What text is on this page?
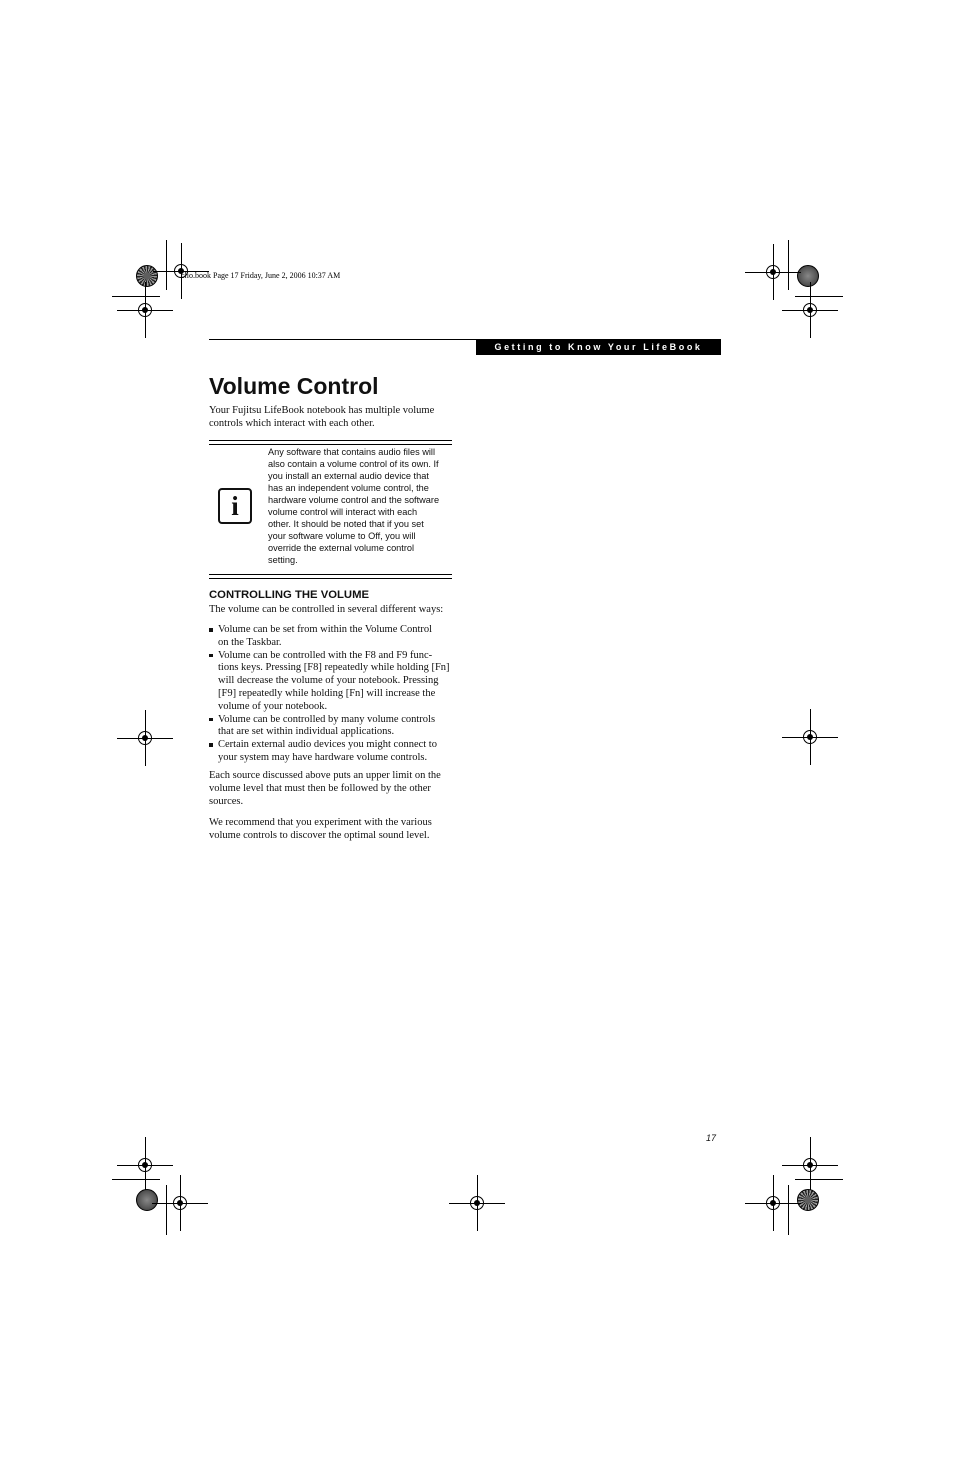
clio.book Page 17 Friday, June 2, 2006 10:37 AM
Getting to Know Your LifeBook
Volume Control
Your Fujitsu LifeBook notebook has multiple volume controls which interact with each other.
i
Any software that contains audio files will
also contain a volume control of its own. If
you install an external audio device that
has an independent volume control, the
hardware volume control and the software
volume control will interact with each
other. It should be noted that if you set
your software volume to Off, you will
override the external volume control
setting.
CONTROLLING THE VOLUME
The volume can be controlled in several different ways:
Volume can be set from within the Volume Control
on the Taskbar.
Volume can be controlled with the F8 and F9 func-
tions keys. Pressing [F8] repeatedly while holding [Fn]
will decrease the volume of your notebook. Pressing
[F9] repeatedly while holding [Fn] will increase the
volume of your notebook.
Volume can be controlled by many volume controls
that are set within individual applications.
Certain external audio devices you might connect to
your system may have hardware volume controls.
Each source discussed above puts an upper limit on the
volume level that must then be followed by the other
sources.
We recommend that you experiment with the various
volume controls to discover the optimal sound level.
17
